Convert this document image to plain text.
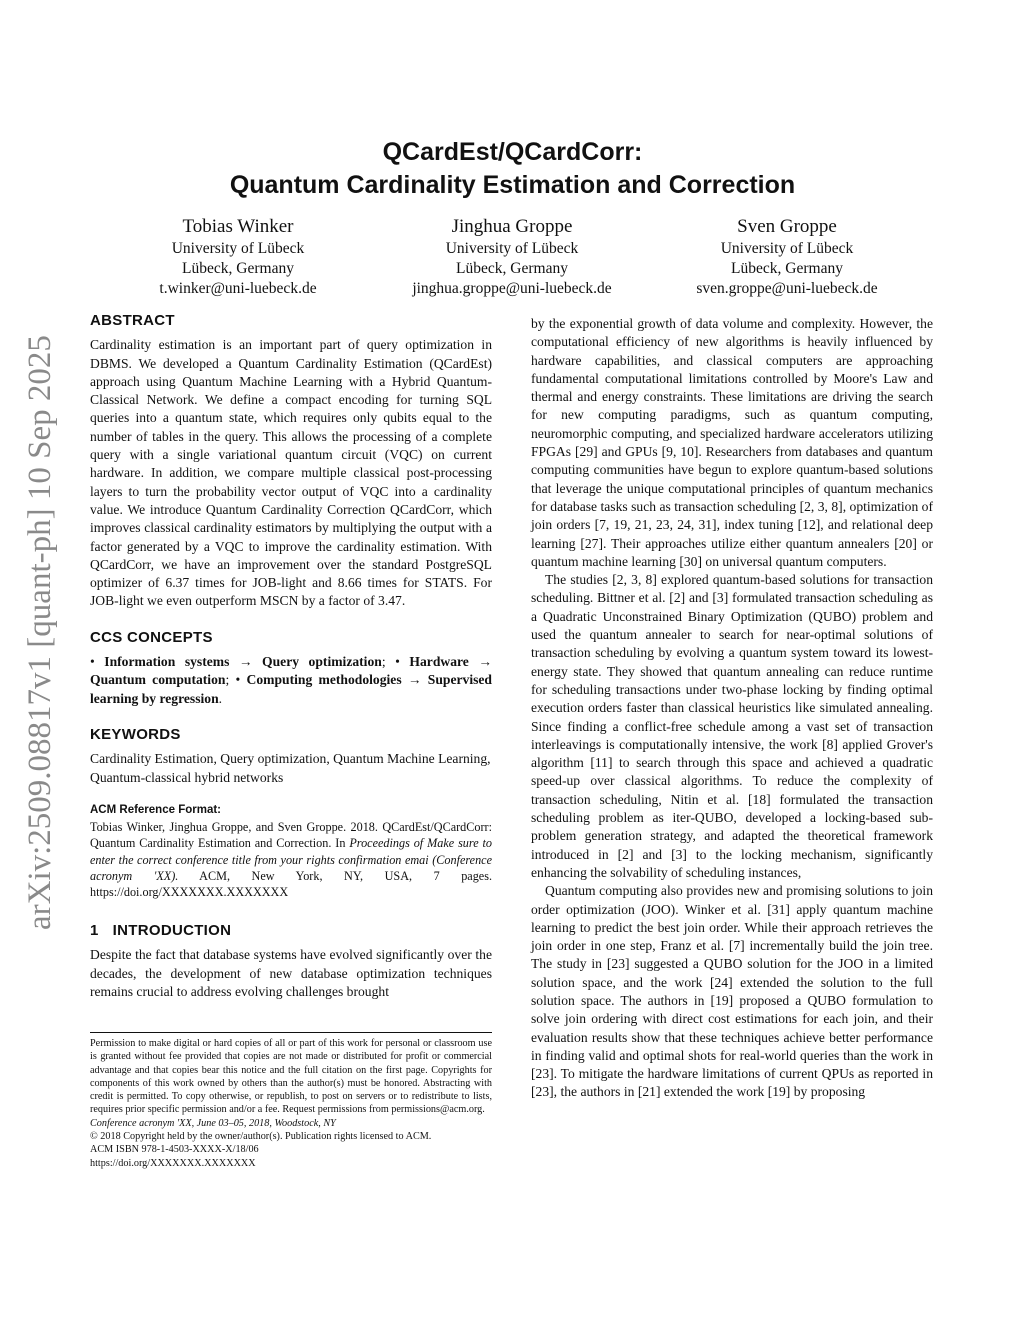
arXiv:2509.08817v1 [quant-ph] 10 Sep 2025
QCardEst/QCardCorr:
Quantum Cardinality Estimation and Correction
Tobias Winker
University of Lübeck
Lübeck, Germany
t.winker@uni-luebeck.de
Jinghua Groppe
University of Lübeck
Lübeck, Germany
jinghua.groppe@uni-luebeck.de
Sven Groppe
University of Lübeck
Lübeck, Germany
sven.groppe@uni-luebeck.de
ABSTRACT

Cardinality estimation is an important part of query optimization in DBMS. We developed a Quantum Cardinality Estimation (QCardEst) approach using Quantum Machine Learning with a Hybrid Quantum-Classical Network. We define a compact encoding for turning SQL queries into a quantum state, which requires only qubits equal to the number of tables in the query. This allows the processing of a complete query with a single variational quantum circuit (VQC) on current hardware. In addition, we compare multiple classical post-processing layers to turn the probability vector output of VQC into a cardinality value. We introduce Quantum Cardinality Correction QCardCorr, which improves classical cardinality estimators by multiplying the output with a factor generated by a VQC to improve the cardinality estimation. With QCardCorr, we have an improvement over the standard PostgreSQL optimizer of 6.37 times for JOB-light and 8.66 times for STATS. For JOB-light we even outperform MSCN by a factor of 3.47.

CCS CONCEPTS

• Information systems → Query optimization; • Hardware → Quantum computation; • Computing methodologies → Supervised learning by regression.

KEYWORDS

Cardinality Estimation, Query optimization, Quantum Machine Learning, Quantum-classical hybrid networks

ACM Reference Format:

Tobias Winker, Jinghua Groppe, and Sven Groppe. 2018. QCardEst/QCardCorr: Quantum Cardinality Estimation and Correction. In Proceedings of Make sure to enter the correct conference title from your rights confirmation emai (Conference acronym 'XX). ACM, New York, NY, USA, 7 pages. https://doi.org/XXXXXXX.XXXXXXX

1 INTRODUCTION

Despite the fact that database systems have evolved significantly over the decades, the development of new database optimization techniques remains crucial to address evolving challenges brought

Permission to make digital or hard copies of all or part of this work for personal or classroom use is granted without fee provided that copies are not made or distributed for profit or commercial advantage and that copies bear this notice and the full citation on the first page. Copyrights for components of this work owned by others than the author(s) must be honored. Abstracting with credit is permitted. To copy otherwise, or republish, to post on servers or to redistribute to lists, requires prior specific permission and/or a fee. Request permissions from permissions@acm.org.

Conference acronym 'XX, June 03–05, 2018, Woodstock, NY

© 2018 Copyright held by the owner/author(s). Publication rights licensed to ACM.

ACM ISBN 978-1-4503-XXXX-X/18/06

https://doi.org/XXXXXXX.XXXXXXX

by the exponential growth of data volume and complexity. However, the computational efficiency of new algorithms is heavily influenced by hardware capabilities, and classical computers are approaching fundamental computational limitations controlled by Moore's Law and thermal and energy constraints. These limitations are driving the search for new computing paradigms, such as quantum computing, neuromorphic computing, and specialized hardware accelerators utilizing FPGAs [29] and GPUs [9, 10]. Researchers from databases and quantum computing communities have begun to explore quantum-based solutions that leverage the unique computational principles of quantum mechanics for database tasks such as transaction scheduling [2, 3, 8], optimization of join orders [7, 19, 21, 23, 24, 31], index tuning [12], and relational deep learning [27]. Their approaches utilize either quantum annealers [20] or quantum machine learning [30] on universal quantum computers.

The studies [2, 3, 8] explored quantum-based solutions for transaction scheduling. Bittner et al. [2] and [3] formulated transaction scheduling as a Quadratic Unconstrained Binary Optimization (QUBO) problem and used the quantum annealer to search for near-optimal solutions of transaction scheduling by evolving a quantum system toward its lowest-energy state. They showed that quantum annealing can reduce runtime for scheduling transactions under two-phase locking by finding optimal execution orders faster than classical heuristics like simulated annealing. Since finding a conflict-free schedule among a vast set of transaction interleavings is computationally intensive, the work [8] applied Grover's algorithm [11] to search through this space and achieved a quadratic speed-up over classical algorithms. To reduce the complexity of transaction scheduling, Nitin et al. [18] formulated the transaction scheduling problem as iter-QUBO, developed a locking-based sub-problem generation strategy, and adapted the theoretical framework introduced in [2] and [3] to the locking mechanism, significantly enhancing the solvability of scheduling instances,

Quantum computing also provides new and promising solutions to join order optimization (JOO). Winker et al. [31] apply quantum machine learning to predict the best join order. While their approach retrieves the join order in one step, Franz et al. [7] incrementally build the join tree. The study in [23] suggested a QUBO solution for the JOO in a limited solution space, and the work [24] extended the solution to the full solution space. The authors in [19] proposed a QUBO formulation to solve join ordering with direct cost estimations for each join, and their evaluation results show that these techniques achieve better performance in finding valid and optimal shots for real-world queries than the work in [23]. To mitigate the hardware limitations of current QPUs as reported in [23], the authors in [21] extended the work [19] by proposing
